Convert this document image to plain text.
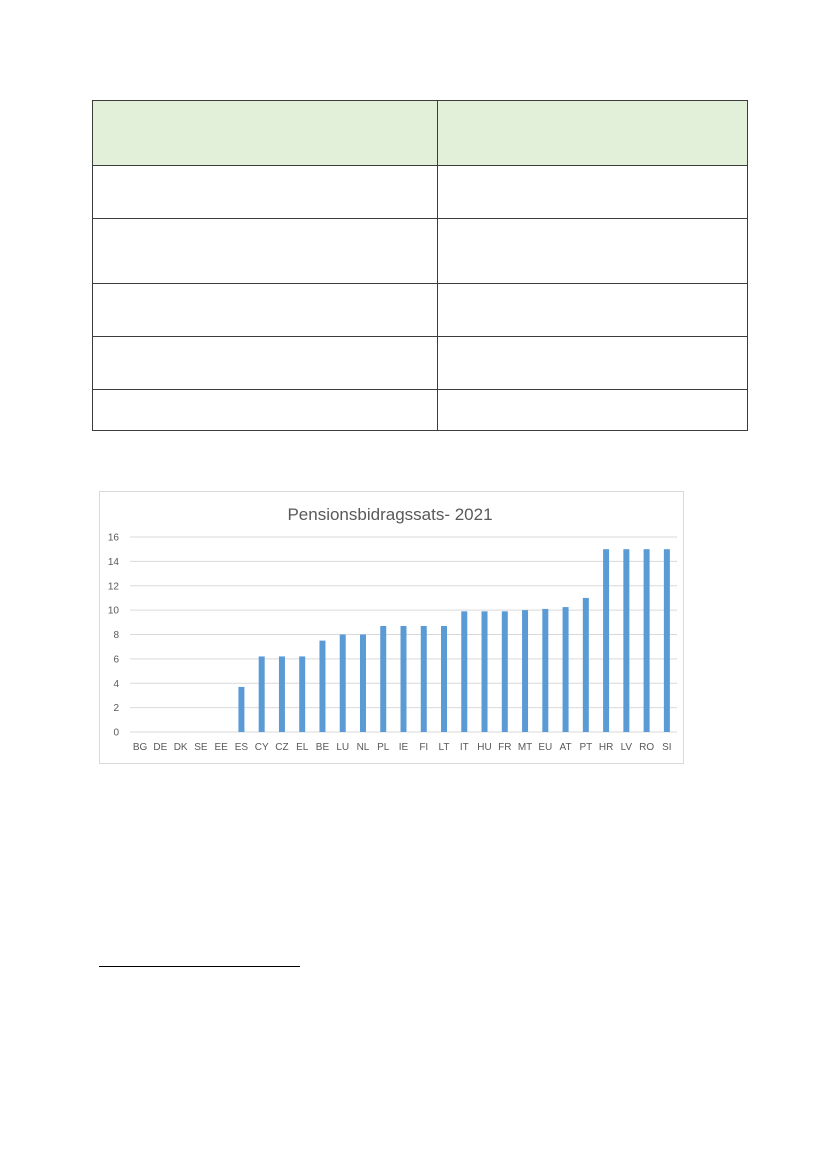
Pensionsbidragssats- 2021
0
2
4
6
8
10
12
14
16
BG DE DK SE EE ES CY CZ EL BE LU NL PL IE FI LT IT HU FR MT EU AT PT HR LV RO SI
